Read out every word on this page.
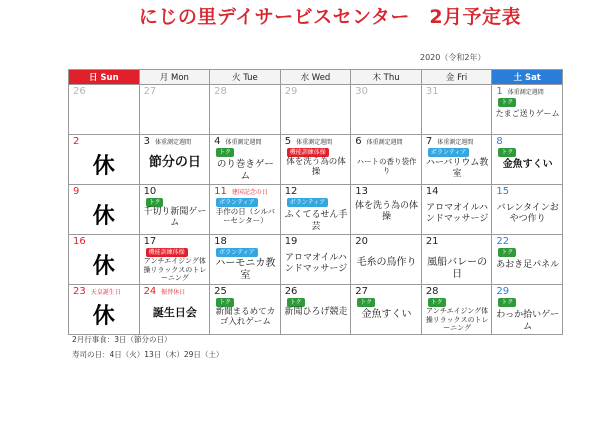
にじの里デイサービスセンター　2月予定表
2020（令和2年）
日 Sun	月 Mon	火 Tue	水 Wed	木 Thu	金 Fri	土 Sat

26	27	28	29	30	31	1 体重測定週間
トク
たまご送りゲーム

2
休	3 体重測定週間
節分の日	4 体重測定週間
トク
のり巻きゲーム	5 体重測定週間
機能訓練体操
体を洗う為の体操	6 体重測定週間
ハートの香り袋作り	7 体重測定週間
ボランティア
ハーバリウム教室	8
トク
金魚すくい

9
休	10
トク
千切り新聞ゲーム	11 建国記念の日
ボランティア
手作の日（シルバーセンター）	12
ボランティア
ふくてるせん手芸	13
体を洗う為の体操	14
アロマオイルハンドマッサージ	15
バレンタインおやつ作り

16
休	17
機能訓練体操
アンチエイジング体操リラックスのトレーニング	18
ボランティア
ハーモニカ教室	19
アロマオイルハンドマッサージ	20
毛糸の鳥作り	21
風船バレーの日	22
トク
あおき足パネル

23 天皇誕生日
休	24 振替休日
誕生日会	25
トク
新聞まるめてカゴ入れゲーム	26
トク
新聞ひろげ競走	27
トク
金魚すくい	28
トク
アンチエイジング体操リラックスのトレーニング	29
トク
わっか拾いゲーム
2月行事食：3日（節分の日）
寿司の日：4日（火）13日（木）29日（土）
